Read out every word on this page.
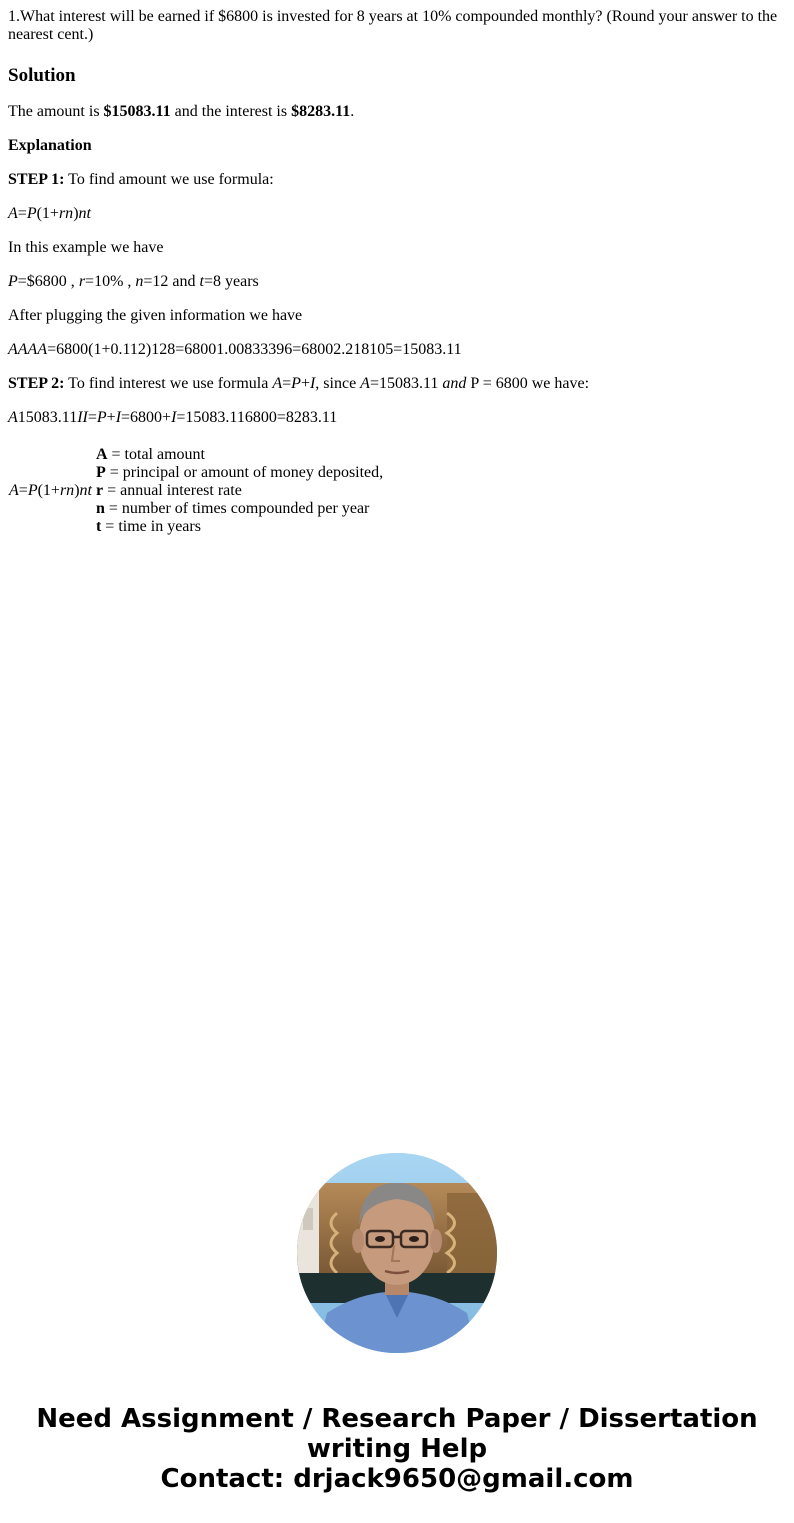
1.What interest will be earned if $6800 is invested for 8 years at 10% compounded monthly? (Round your answer to the nearest cent.)
Solution

The amount is $15083.11 and the interest is $8283.11.

Explanation

STEP 1: To find amount we use formula:

A=P(1+rn)nt

In this example we have

P=$6800 , r=10% , n=12 and t=8 years

After plugging the given information we have

AAAA=6800(1+0.112)128=68001.00833396=68002.218105=15083.11

STEP 2: To find interest we use formula A=P+I, since A=15083.11 and P = 6800 we have:

A15083.11II=P+I=6800+I=15083.116800=8283.11

A=P(1+rn)nt	
A = total amount
P = principal or amount of money deposited,
r = annual interest rate
n = number of times compounded per year
t = time in years
Need Assignment / Research Paper / Dissertation
writing Help
Contact: drjack9650@gmail.com
